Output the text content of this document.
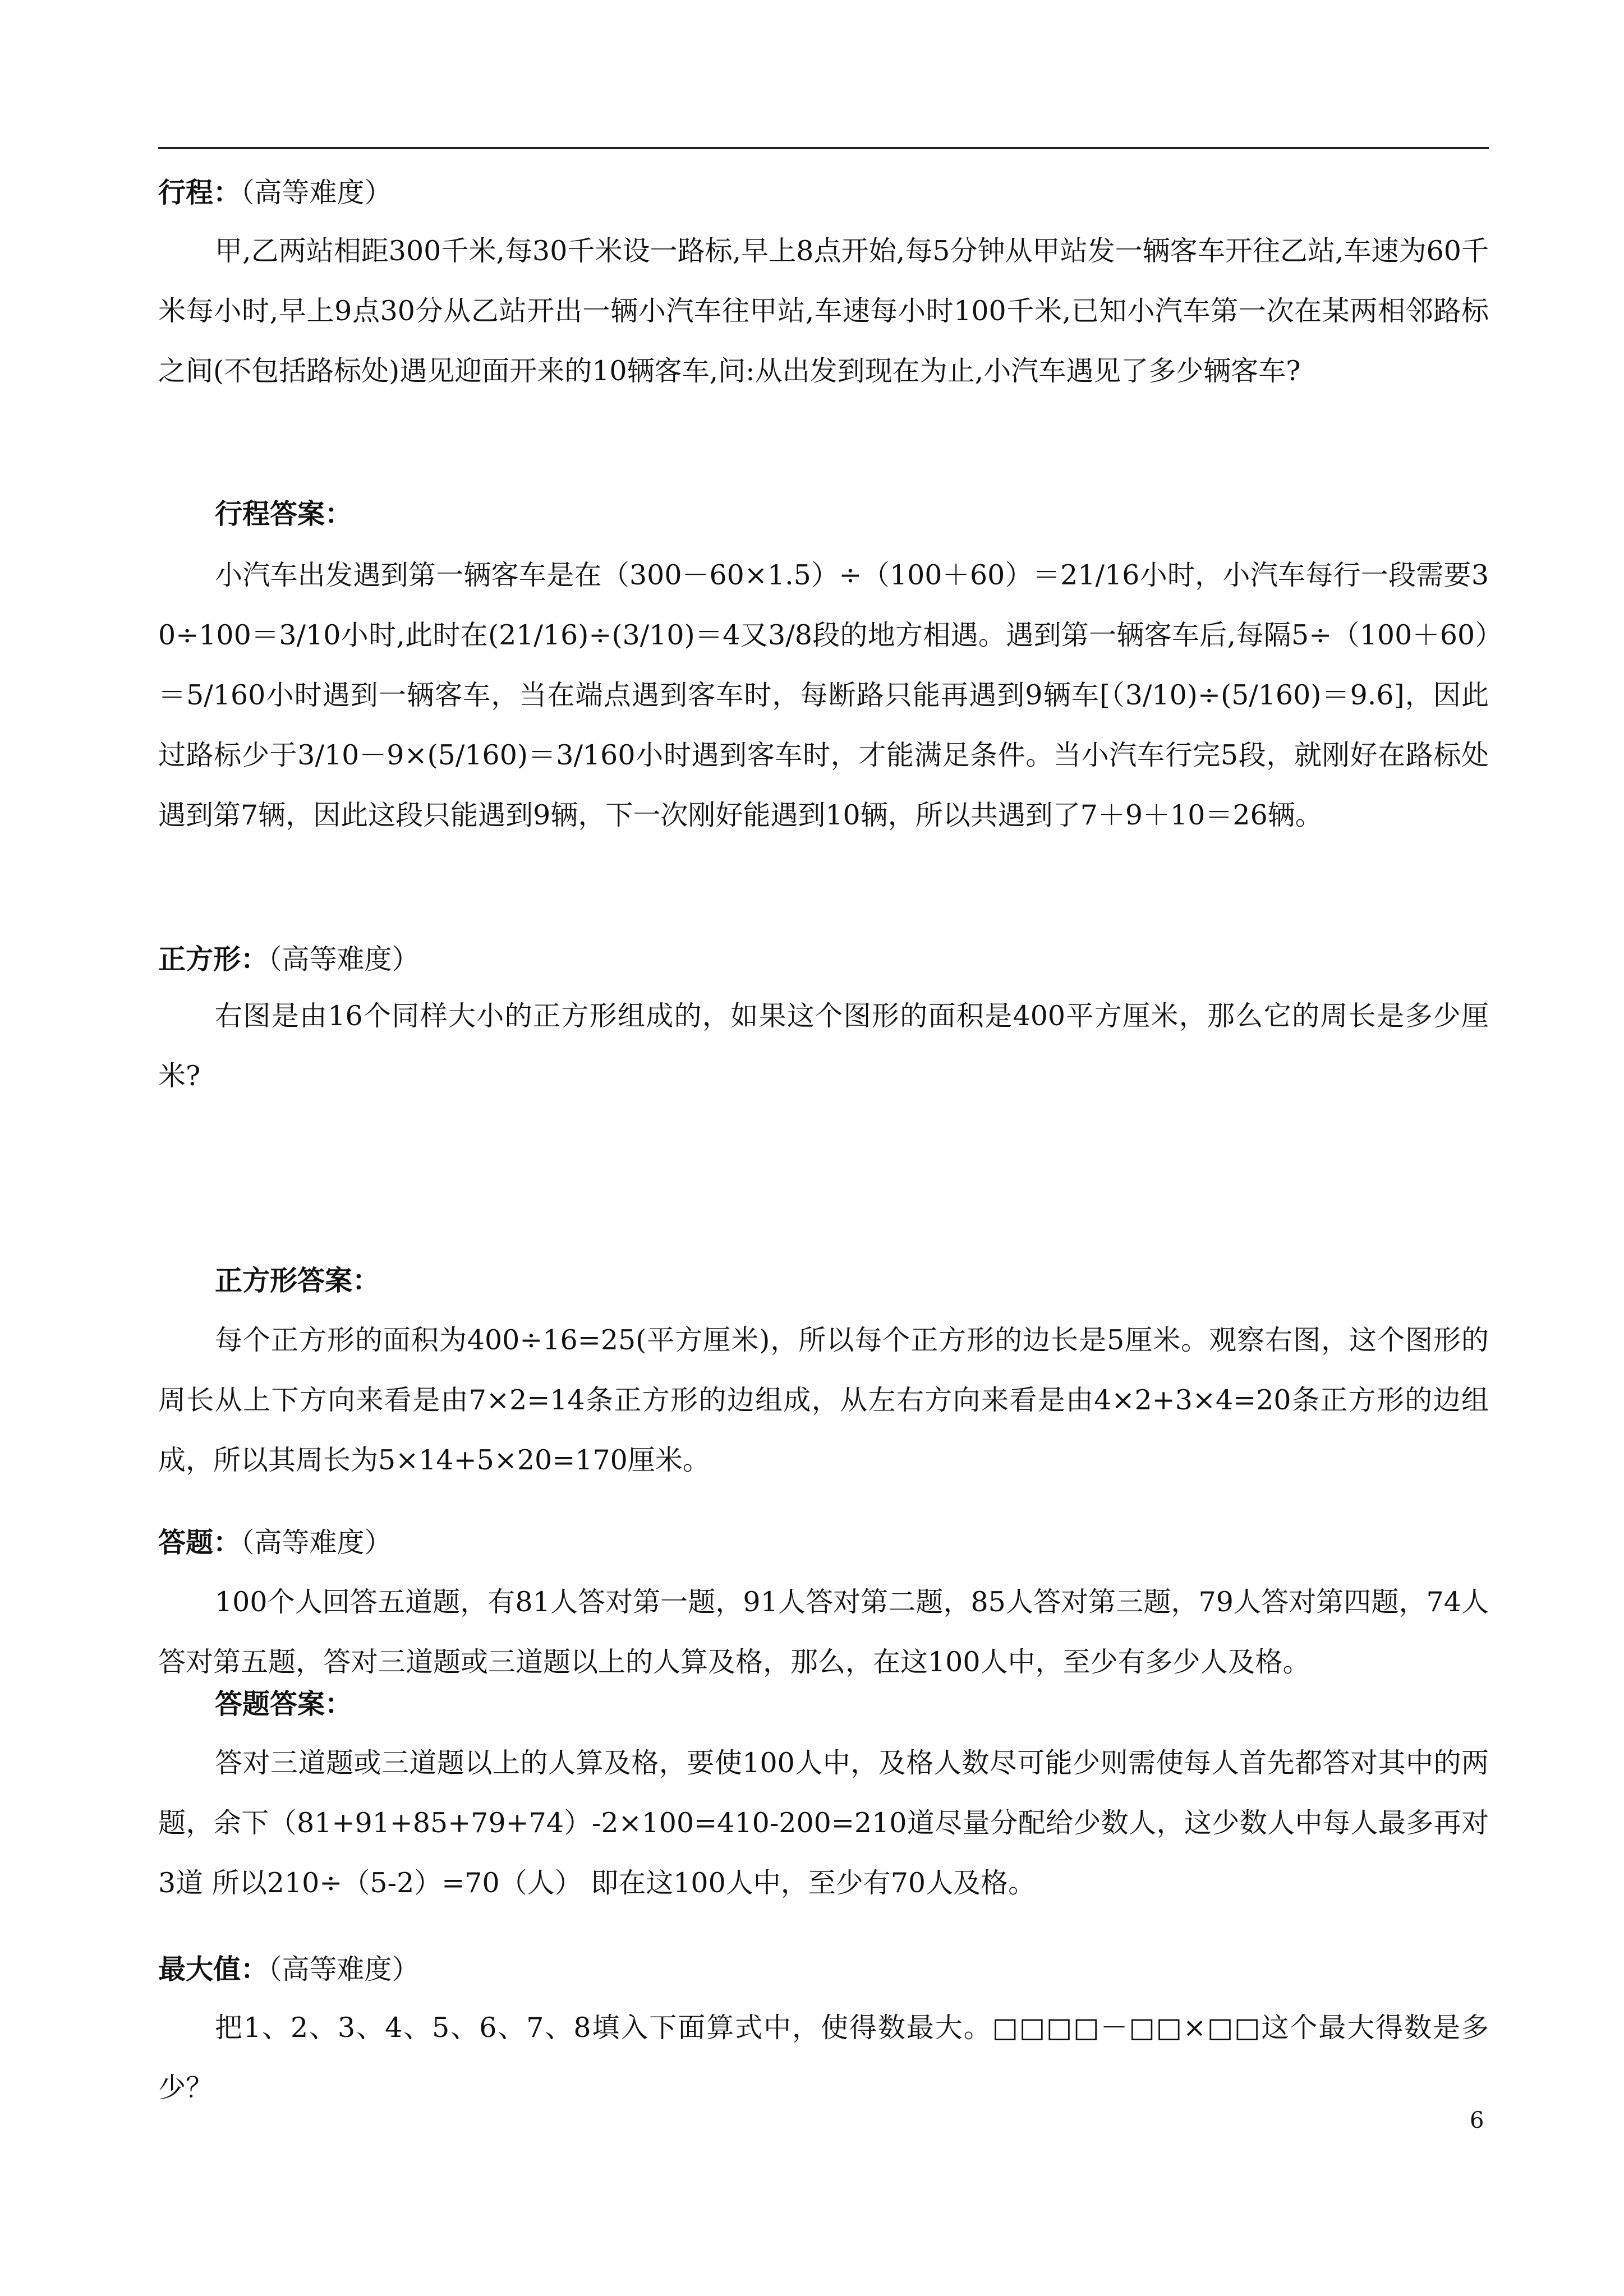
行程：（高等难度）
甲,乙两站相距300千米,每30千米设一路标,早上8点开始,每5分钟从甲站发一辆客车开往乙站,车速为60千米每小时,早上9点30分从乙站开出一辆小汽车往甲站,车速每小时100千米,已知小汽车第一次在某两相邻路标之间(不包括路标处)遇见迎面开来的10辆客车,问:从出发到现在为止,小汽车遇见了多少辆客车?
行程答案：
小汽车出发遇到第一辆客车是在（300－60×1.5）÷（100＋60）＝21/16小时，小汽车每行一段需要30÷100＝3/10小时,此时在(21/16)÷(3/10)＝4又3/8段的地方相遇。遇到第一辆客车后,每隔5÷（100＋60）＝5/160小时遇到一辆客车，当在端点遇到客车时，每断路只能再遇到9辆车[（3/10)÷(5/160)＝9.6]，因此过路标少于3/10－9×(5/160)＝3/160小时遇到客车时，才能满足条件。当小汽车行完5段，就刚好在路标处遇到第7辆，因此这段只能遇到9辆，下一次刚好能遇到10辆，所以共遇到了7＋9＋10＝26辆。
正方形：（高等难度）
右图是由16个同样大小的正方形组成的，如果这个图形的面积是400平方厘米，那么它的周长是多少厘米?
正方形答案：
每个正方形的面积为400÷16=25(平方厘米)，所以每个正方形的边长是5厘米。观察右图，这个图形的周长从上下方向来看是由7×2=14条正方形的边组成，从左右方向来看是由4×2+3×4=20条正方形的边组成，所以其周长为5×14+5×20=170厘米。
答题：（高等难度）
100个人回答五道题，有81人答对第一题，91人答对第二题，85人答对第三题，79人答对第四题，74人答对第五题，答对三道题或三道题以上的人算及格，那么，在这100人中，至少有多少人及格。
答题答案：
答对三道题或三道题以上的人算及格，要使100人中，及格人数尽可能少则需使每人首先都答对其中的两题，余下（81+91+85+79+74）-2×100=410-200=210道尽量分配给少数人，这少数人中每人最多再对3道 所以210÷（5-2）=70（人） 即在这100人中，至少有70人及格。
最大值：（高等难度）
把1、2、3、4、5、6、7、8填入下面算式中，使得数最大。□□□□－□□×□□这个最大得数是多少？
6
